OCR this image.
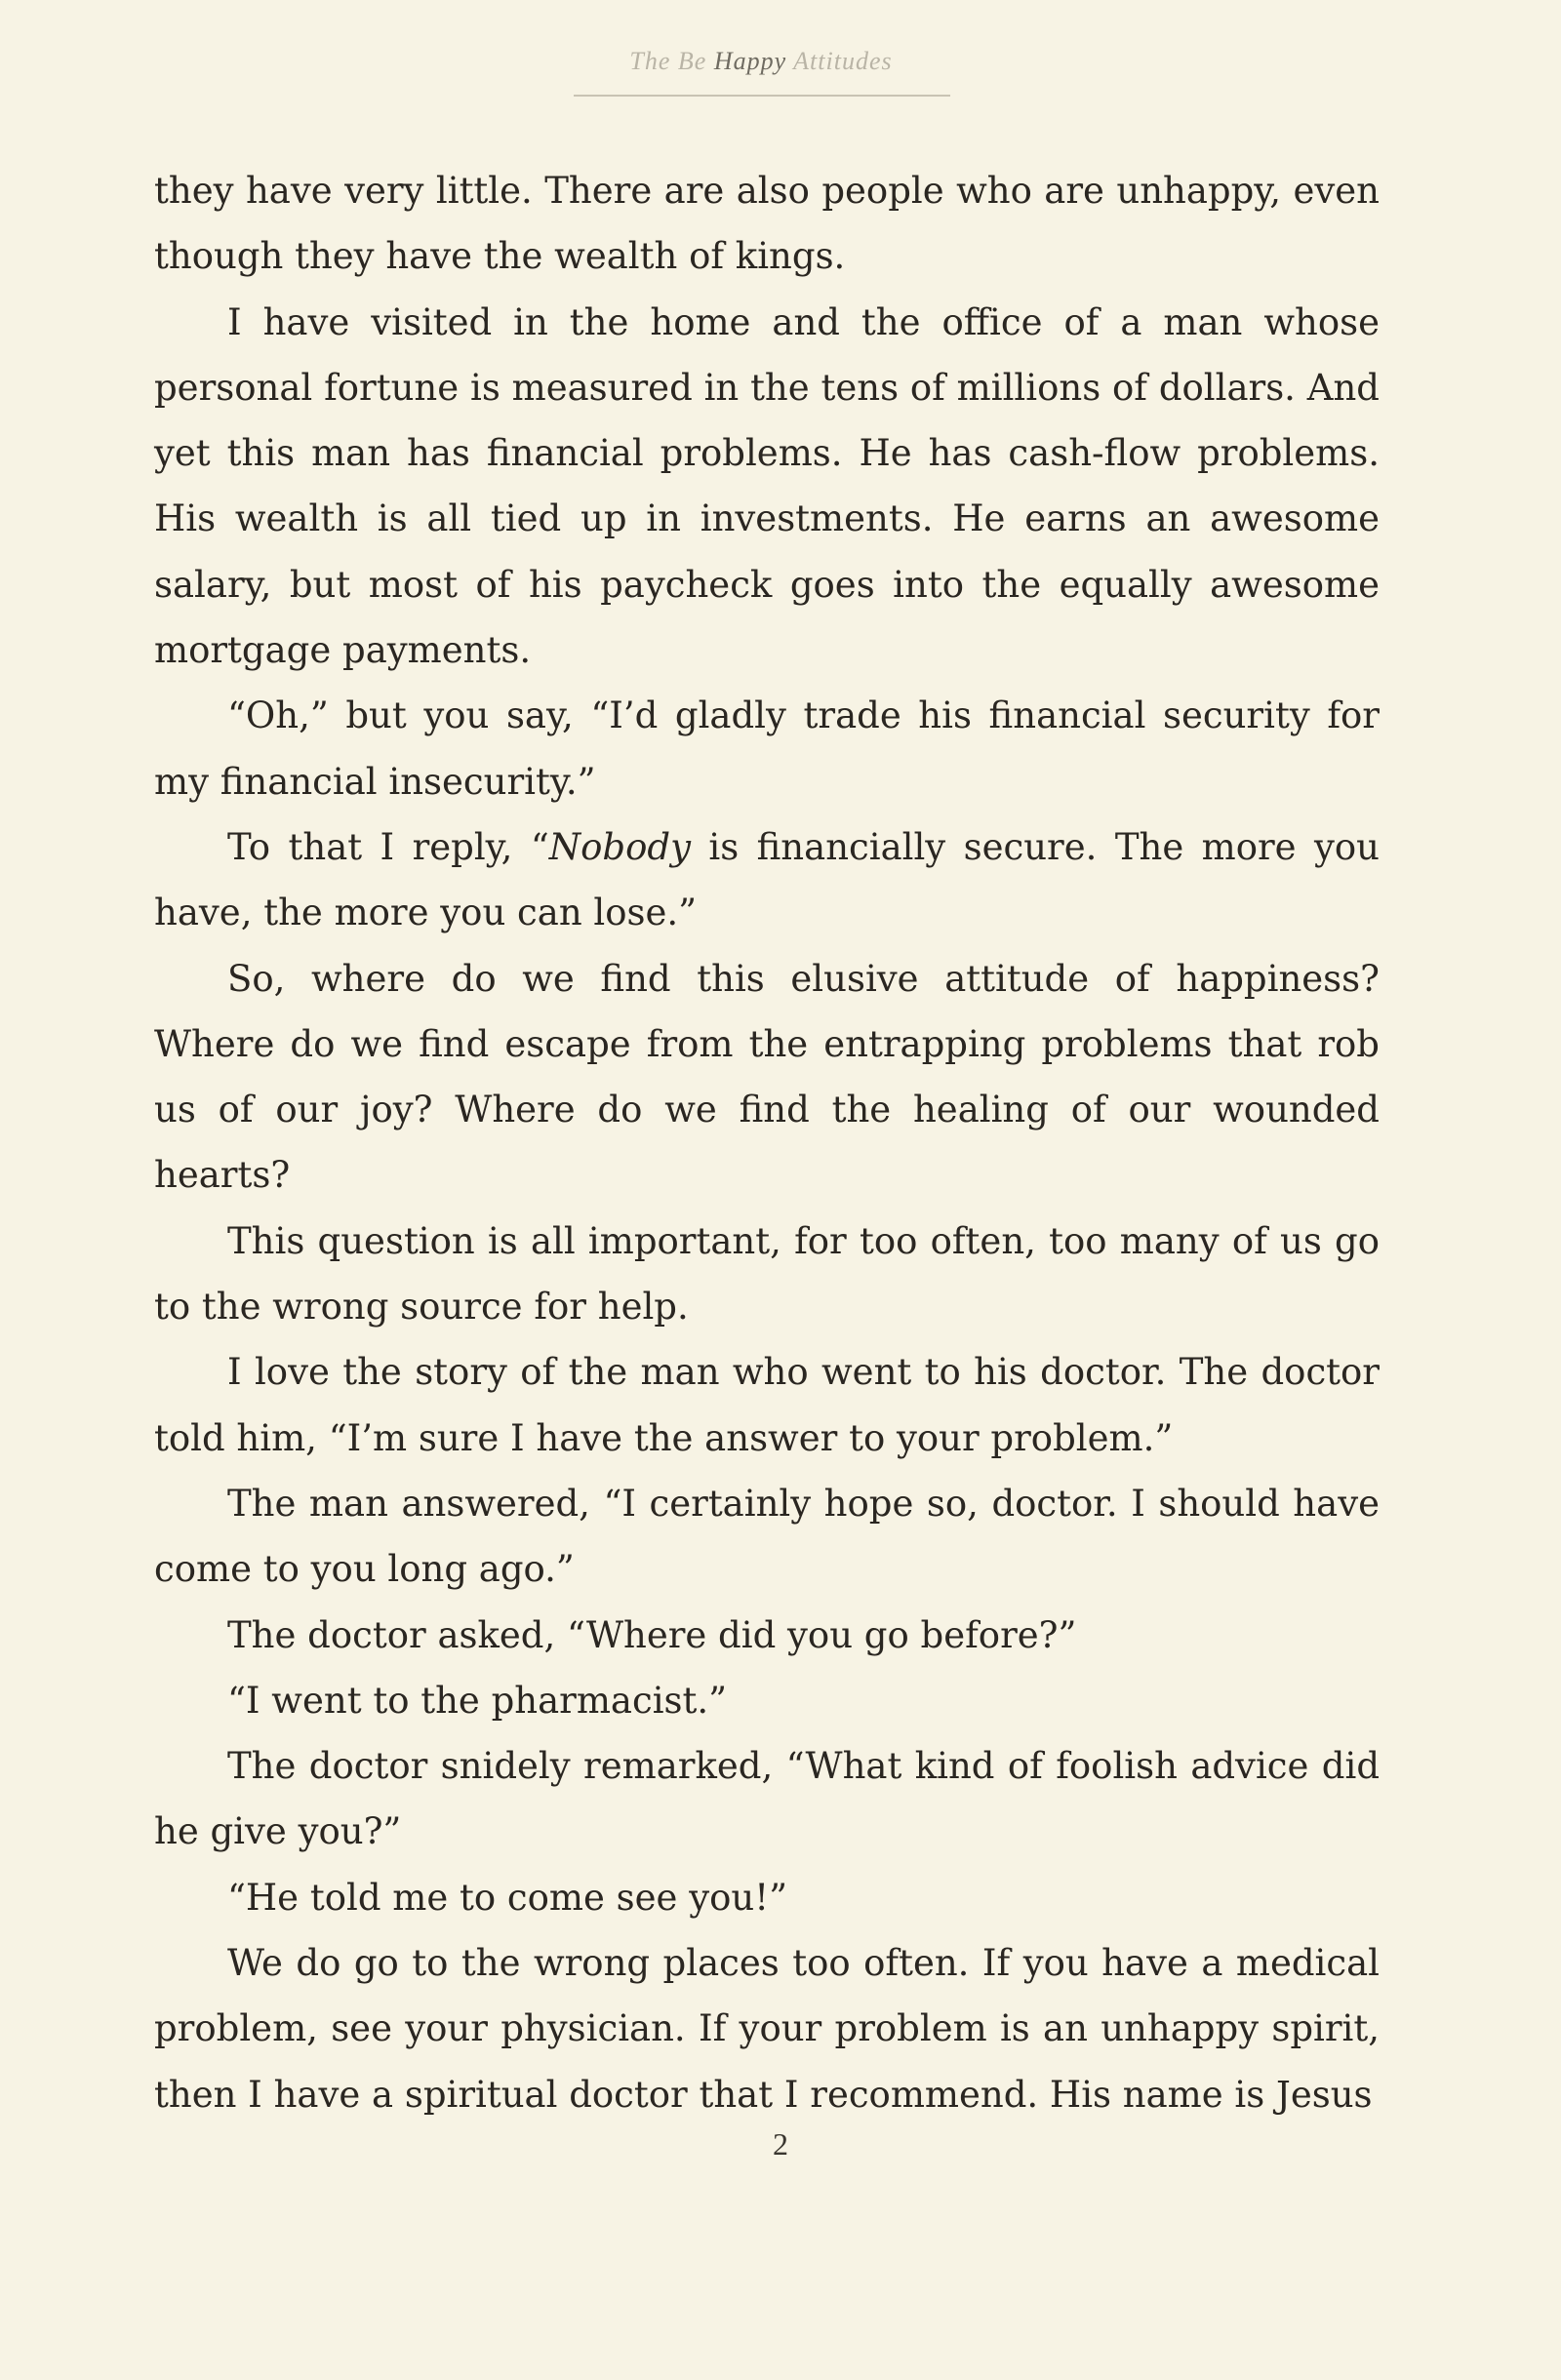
The Be Happy Attitudes

they have very little. There are also people who are unhappy, even though they have the wealth of kings.

I have visited in the home and the office of a man whose personal fortune is measured in the tens of millions of dollars. And yet this man has financial problems. He has cash-flow problems. His wealth is all tied up in investments. He earns an awesome salary, but most of his paycheck goes into the equally awesome mortgage payments.

“Oh,” but you say, “I’d gladly trade his financial security for my financial insecurity.”

To that I reply, “Nobody is financially secure. The more you have, the more you can lose.”

So, where do we find this elusive attitude of happiness? Where do we find escape from the entrapping problems that rob us of our joy? Where do we find the healing of our wounded hearts?

This question is all important, for too often, too many of us go to the wrong source for help.

I love the story of the man who went to his doctor. The doctor told him, “I’m sure I have the answer to your problem.”

The man answered, “I certainly hope so, doctor. I should have come to you long ago.”

The doctor asked, “Where did you go before?”

“I went to the pharmacist.”

The doctor snidely remarked, “What kind of foolish advice did he give you?”

“He told me to come see you!”

We do go to the wrong places too often. If you have a medical problem, see your physician. If your problem is an unhappy spirit, then I have a spiritual doctor that I recommend. His name is Jesus

2
